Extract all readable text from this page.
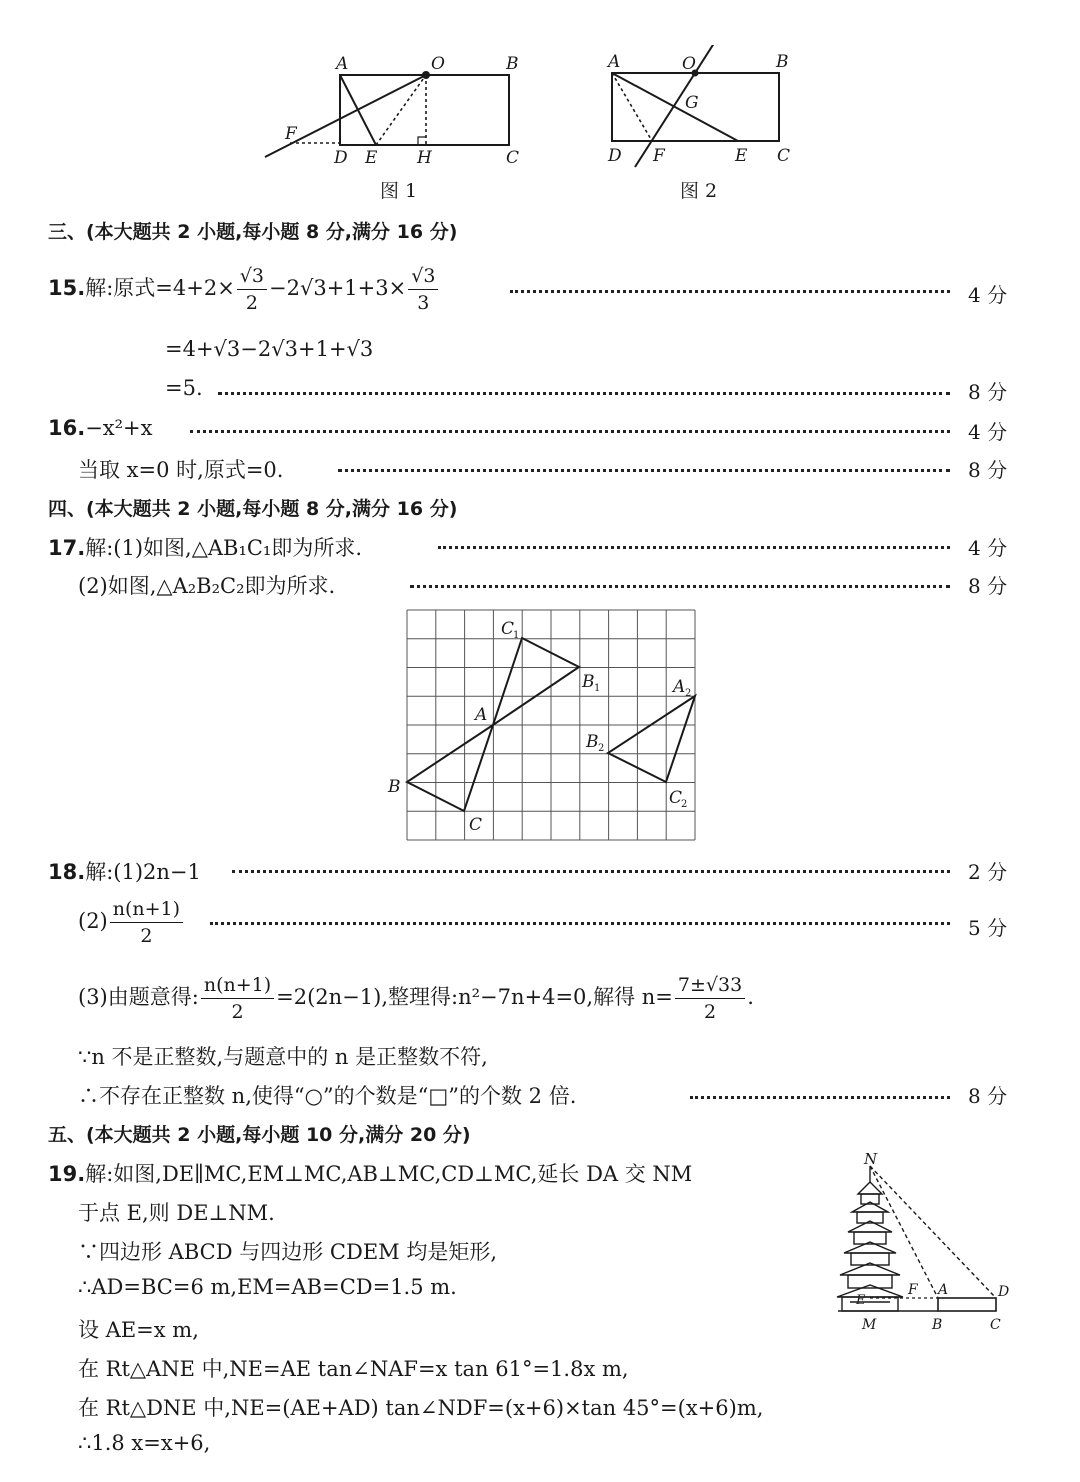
A	O	B
F
D E H	C
A	O	B
G
D F	E C
图 1	图 2
三、(本大题共 2 小题,每小题 8 分,满分 16 分)
15.解:原式$=4+2\times \frac{√3}{2} -2√3+1+3\times \frac{√3}{3}$	4 分
=4+√3−2√3+1+√3
=5.	8 分
16.−x²+x	4 分
当取 x=0 时,原式=0.	8 分
四、(本大题共 2 小题,每小题 8 分,满分 16 分)
17.解:(1)如图,△AB₁C₁即为所求.	4 分
(2)如图,△A₂B₂C₂即为所求.	8 分
C
1
B 1
A
A 2
B 2
B
C
C
2
18.解:(1)2n−1	2 分
$(2) \frac{n(n+1)}{2}$	5 分
(3)由题意得: $\frac{n(n+1)}{2} =2(2n-1)$,整理得:n²−7n+4=0,解得 $n= \frac{7\pm√33}{2}$ .
∵n 不是正整数,与题意中的 n 是正整数不符,
∴不存在正整数 n,使得“○”的个数是“□”的个数 2 倍.	8 分
五、(本大题共 2 小题,每小题 10 分,满分 20 分)
19.解:如图,DE∥MC,EM⊥MC,AB⊥MC,CD⊥MC,延长 DA 交 NM
于点 E,则 DE⊥NM.
∵四边形 ABCD 与四边形 CDEM 均是矩形,
∴AD=BC=6 m,EM=AB=CD=1.5 m.
设 AE=x m,
在 Rt△ANE 中,NE=AE tan∠NAF=x tan 61°=1.8x m,
在 Rt△DNE 中,NE=(AE+AD) tan∠NDF=(x+6)×tan 45°=(x+6)m,
∴1.8 x=x+6,
N
F A	D
E
M	B	C
